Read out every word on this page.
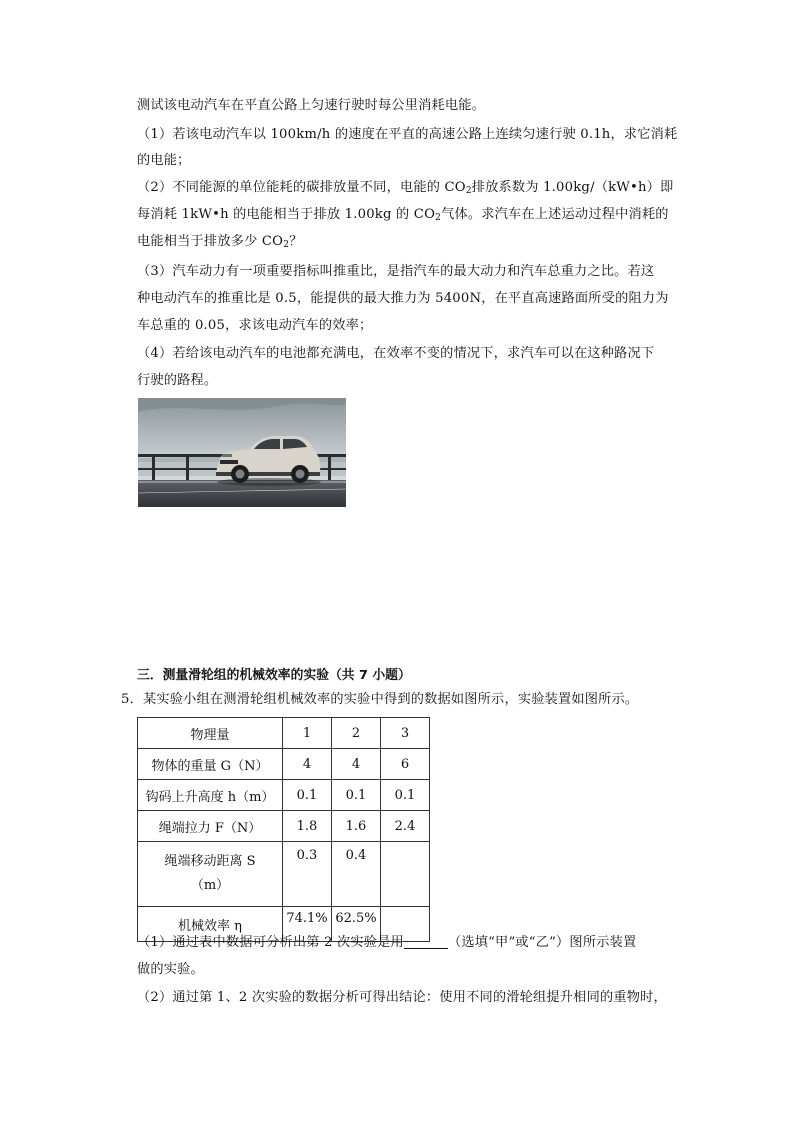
测试该电动汽车在平直公路上匀速行驶时每公里消耗电能。
（1）若该电动汽车以 100km/h 的速度在平直的高速公路上连续匀速行驶 0.1h，求它消耗
的电能；
（2）不同能源的单位能耗的碳排放量不同，电能的 $CO_2$排放系数为 1.00kg/（kW•h）即
每消耗 1kW•h 的电能相当于排放 1.00kg 的 $CO_2$气体。求汽车在上述运动过程中消耗的
电能相当于排放多少 $CO_2$？
（3）汽车动力有一项重要指标叫推重比，是指汽车的最大动力和汽车总重力之比。若这
种电动汽车的推重比是 0.5，能提供的最大推力为 5400N，在平直高速路面所受的阻力为
车总重的 0.05，求该电动汽车的效率；
（4）若给该电动汽车的电池都充满电，在效率不变的情况下，求汽车可以在这种路况下
行驶的路程。
三．测量滑轮组的机械效率的实验（共 7 小题）
5．某实验小组在测滑轮组机械效率的实验中得到的数据如图所示，实验装置如图所示。
物理量	1	2	3
物体的重量 G（N）	4	4	6
钩码上升高度 h（m）	0.1	0.1	0.1
绳端拉力 F（N）	1.8	1.6	2.4
绳端移动距离 S（m）	0.3	0.4	
机械效率 η	74.1%	62.5%	
（1）通过表中数据可分析出第 2 次实验是用	（选填“甲”或“乙”）图所示装置
做的实验。
（2）通过第 1、2 次实验的数据分析可得出结论：使用不同的滑轮组提升相同的重物时，
